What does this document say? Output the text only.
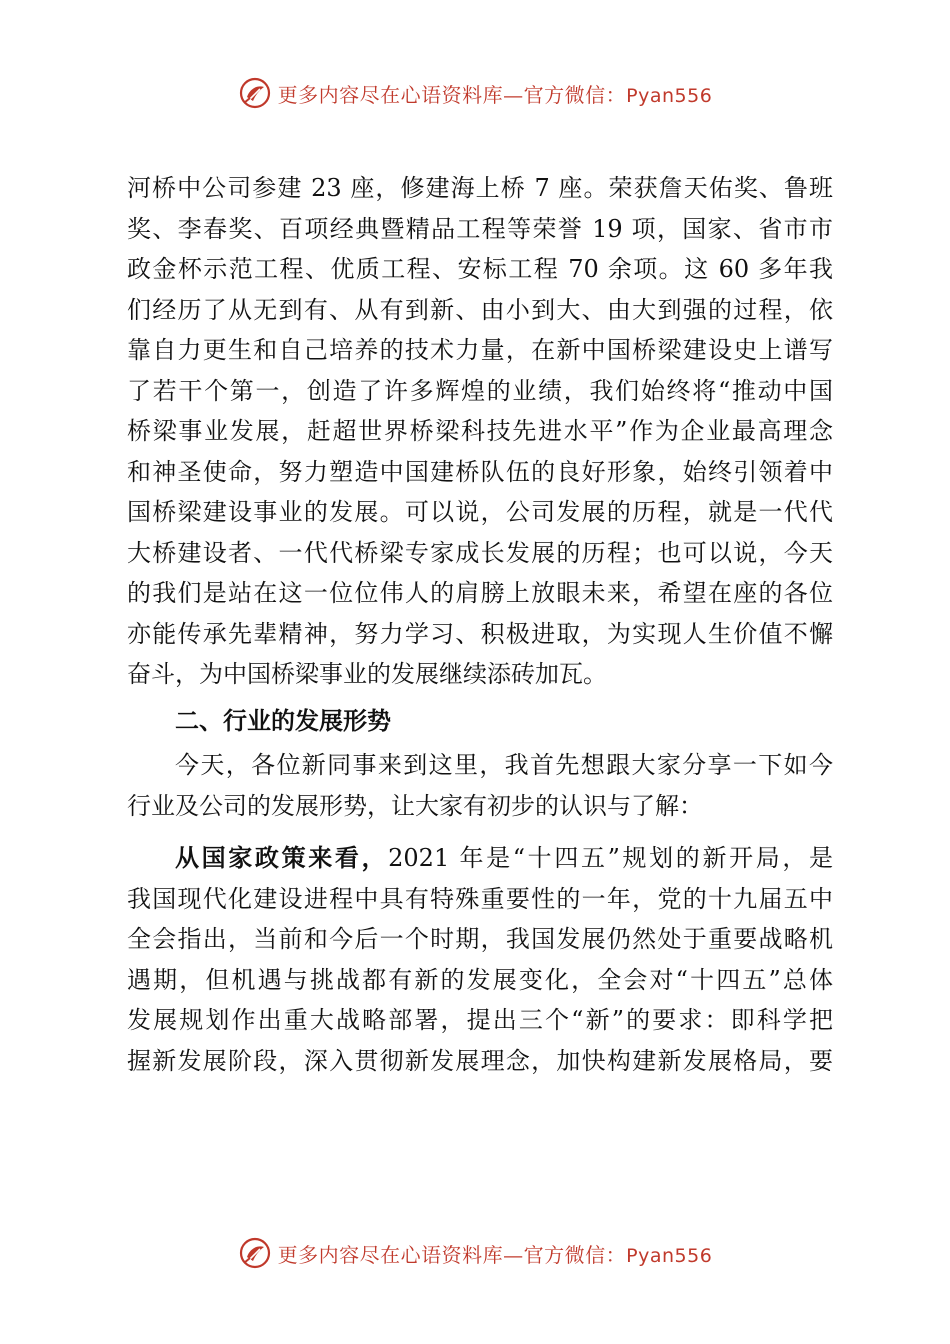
更多内容尽在心语资料库—官方微信：Pyan556
河桥中公司参建 23 座，修建海上桥 7 座。荣获詹天佑奖、鲁班
奖、李春奖、百项经典暨精品工程等荣誉 19 项，国家、省市市
政金杯示范工程、优质工程、安标工程 70 余项。这 60 多年我
们经历了从无到有、从有到新、由小到大、由大到强的过程，依
靠自力更生和自己培养的技术力量，在新中国桥梁建设史上谱写
了若干个第一，创造了许多辉煌的业绩，我们始终将“推动中国
桥梁事业发展，赶超世界桥梁科技先进水平”作为企业最高理念
和神圣使命，努力塑造中国建桥队伍的良好形象，始终引领着中
国桥梁建设事业的发展。可以说，公司发展的历程，就是一代代
大桥建设者、一代代桥梁专家成长发展的历程；也可以说，今天
的我们是站在这一位位伟人的肩膀上放眼未来，希望在座的各位
亦能传承先辈精神，努力学习、积极进取，为实现人生价值不懈
奋斗，为中国桥梁事业的发展继续添砖加瓦。
二、行业的发展形势
今天，各位新同事来到这里，我首先想跟大家分享一下如今
行业及公司的发展形势，让大家有初步的认识与了解：
从国家政策来看，2021 年是“十四五”规划的新开局，是
我国现代化建设进程中具有特殊重要性的一年，党的十九届五中
全会指出，当前和今后一个时期，我国发展仍然处于重要战略机
遇期，但机遇与挑战都有新的发展变化，全会对“十四五”总体
发展规划作出重大战略部署，提出三个“新”的要求：即科学把
握新发展阶段，深入贯彻新发展理念，加快构建新发展格局，要
更多内容尽在心语资料库—官方微信：Pyan556
